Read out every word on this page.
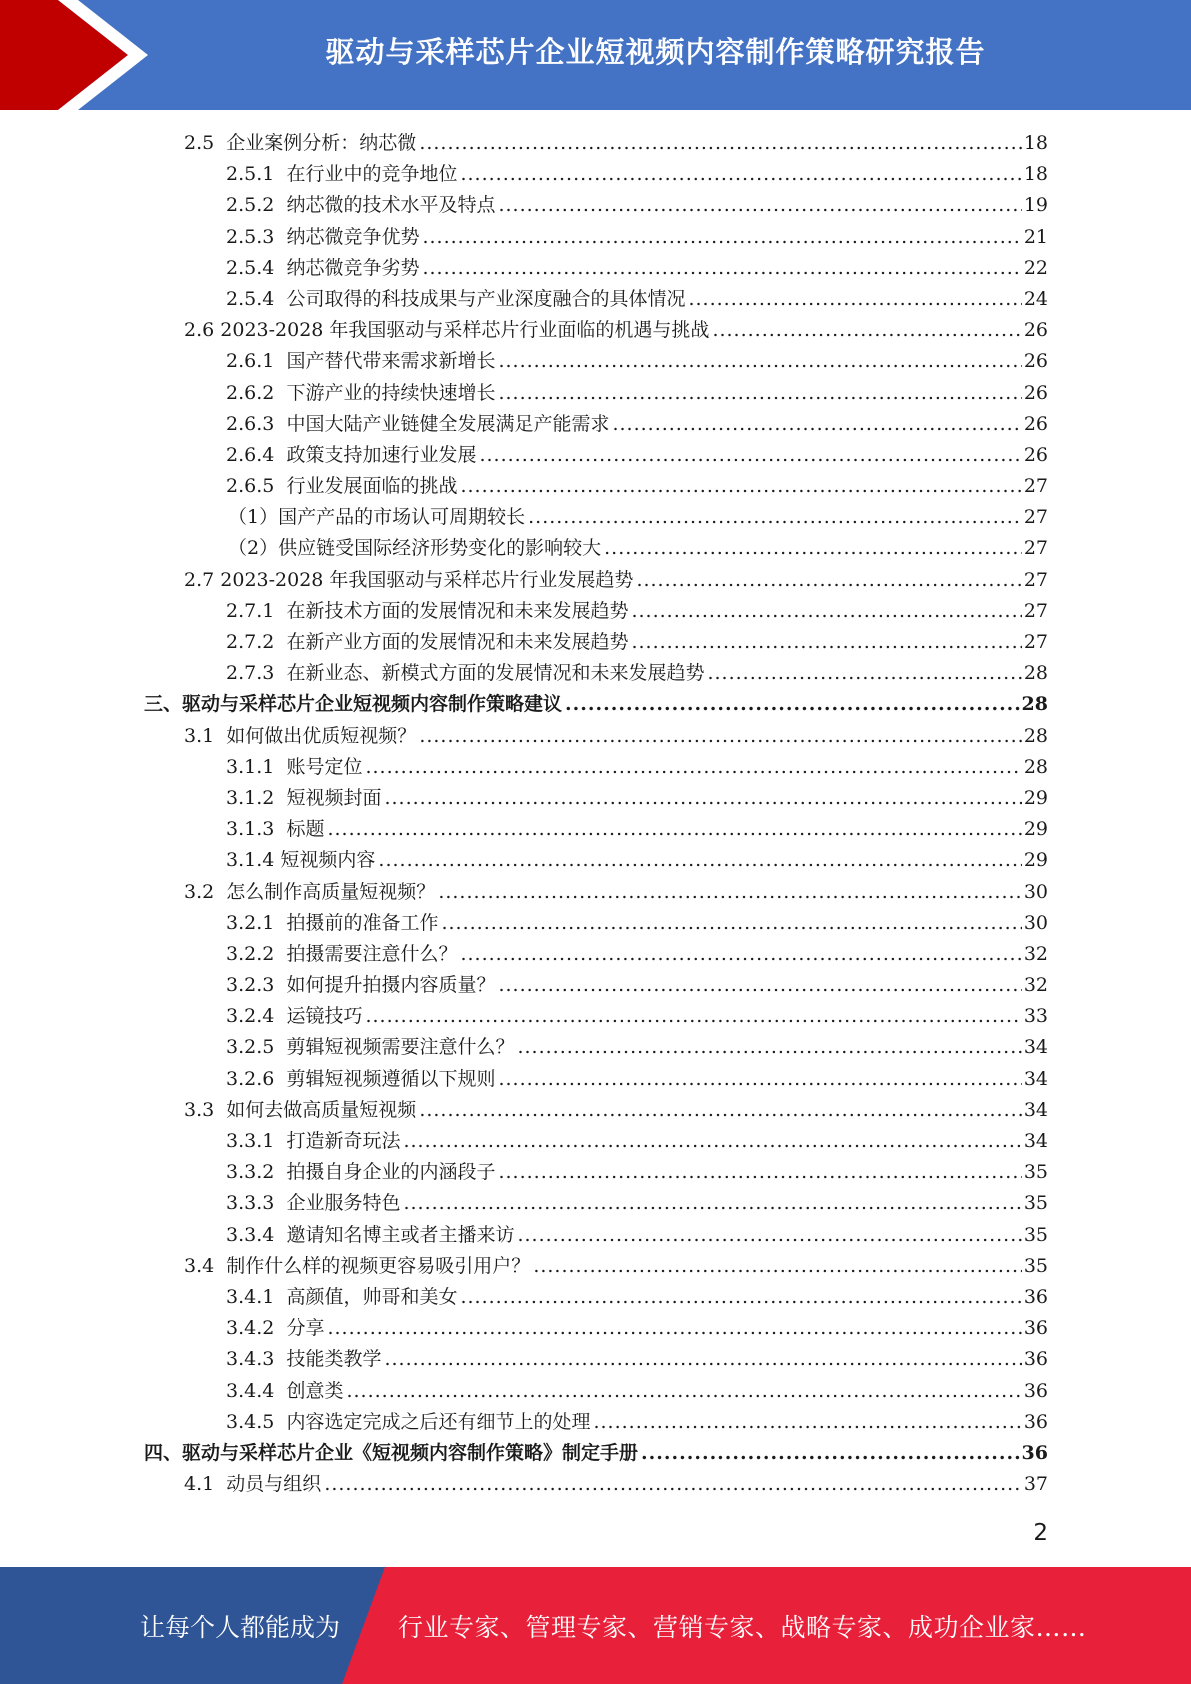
驱动与采样芯片企业短视频内容制作策略研究报告
2.5 企业案例分析：纳芯微 .....	18
2.5.1 在行业中的竞争地位 .....	18
2.5.2 纳芯微的技术水平及特点 .....	19
2.5.3 纳芯微竞争优势 .....	21
2.5.4 纳芯微竞争劣势 .....	22
2.5.4 公司取得的科技成果与产业深度融合的具体情况 .....	24
2.6 2023-2028 年我国驱动与采样芯片行业面临的机遇与挑战 .....	26
2.6.1 国产替代带来需求新增长 .....	26
2.6.2 下游产业的持续快速增长 .....	26
2.6.3 中国大陆产业链健全发展满足产能需求 .....	26
2.6.4 政策支持加速行业发展 .....	26
2.6.5 行业发展面临的挑战 .....	27
（1） 国产产品的市场认可周期较长 .....	27
（2） 供应链受国际经济形势变化的影响较大 .....	27
2.7 2023-2028 年我国驱动与采样芯片行业发展趋势 .....	27
2.7.1 在新技术方面的发展情况和未来发展趋势 .....	27
2.7.2 在新产业方面的发展情况和未来发展趋势 .....	27
2.7.3 在新业态、新模式方面的发展情况和未来发展趋势 .....	28
三、 驱动与采样芯片企业短视频内容制作策略建议 .....	28
3.1 如何做出优质短视频？ .....	28
3.1.1 账号定位 .....	28
3.1.2 短视频封面 .....	29
3.1.3 标题 .....	29
3.1.4 短视频内容 .....	29
3.2 怎么制作高质量短视频？ .....	30
3.2.1 拍摄前的准备工作 .....	30
3.2.2 拍摄需要注意什么？ .....	32
3.2.3 如何提升拍摄内容质量？ .....	32
3.2.4 运镜技巧 .....	33
3.2.5 剪辑短视频需要注意什么？ .....	34
3.2.6 剪辑短视频遵循以下规则 .....	34
3.3 如何去做高质量短视频 .....	34
3.3.1 打造新奇玩法 .....	34
3.3.2 拍摄自身企业的内涵段子 .....	35
3.3.3 企业服务特色 .....	35
3.3.4 邀请知名博主或者主播来访 .....	35
3.4 制作什么样的视频更容易吸引用户？ .....	35
3.4.1 高颜值，帅哥和美女 .....	36
3.4.2 分享 .....	36
3.4.3 技能类教学 .....	36
3.4.4 创意类 .....	36
3.4.5 内容选定完成之后还有细节上的处理 .....	36
四、 驱动与采样芯片企业《短视频内容制作策略》制定手册 .....	36
4.1 动员与组织 .....	37
2
让每个人都能成为 行业专家、管理专家、营销专家、战略专家、成功企业家……
